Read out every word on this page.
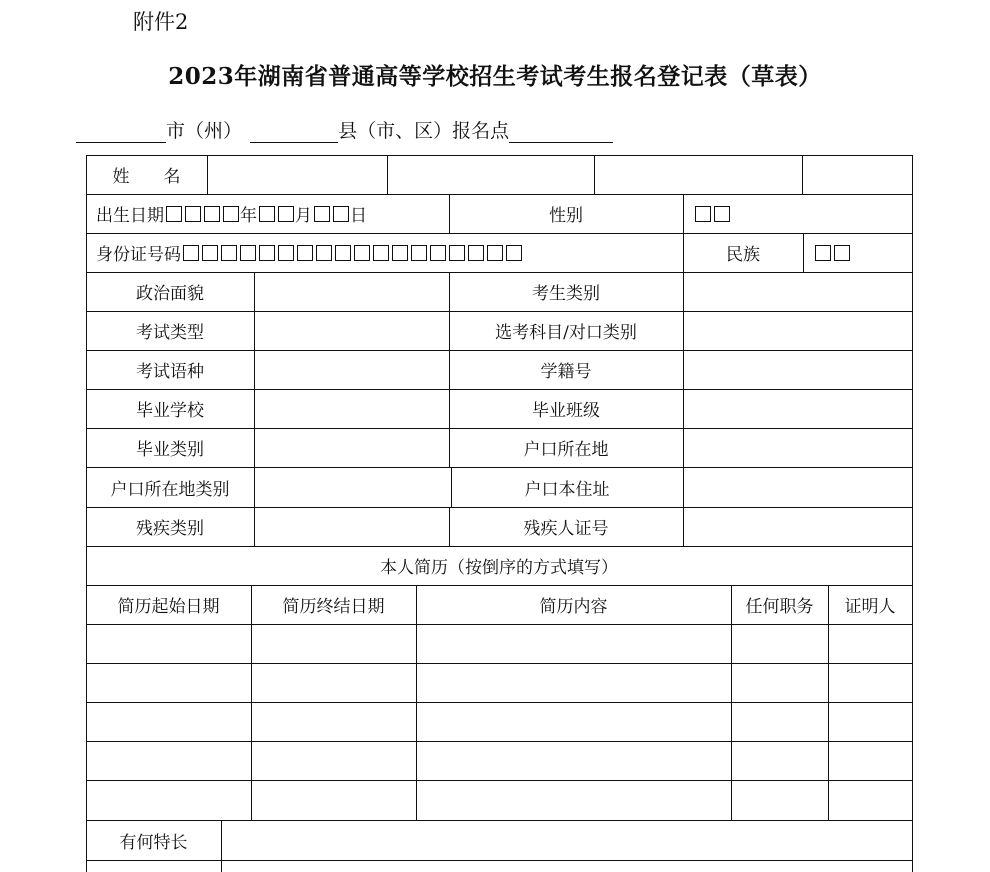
附件2
2023年湖南省普通高等学校招生考试考生报名登记表（草表）
市（州）	县（市、区）报名点
姓　　名
出生日期	年 月 日	性别
身份证号码	民族
政治面貌	考生类别
考试类型	选考科目/对口类别
考试语种	学籍号
毕业学校	毕业班级
毕业类别	户口所在地
户口所在地类别	户口本住址
残疾类别	残疾人证号
本人简历（按倒序的方式填写）
简历起始日期	简历终结日期	简历内容	任何职务	证明人
有何特长
